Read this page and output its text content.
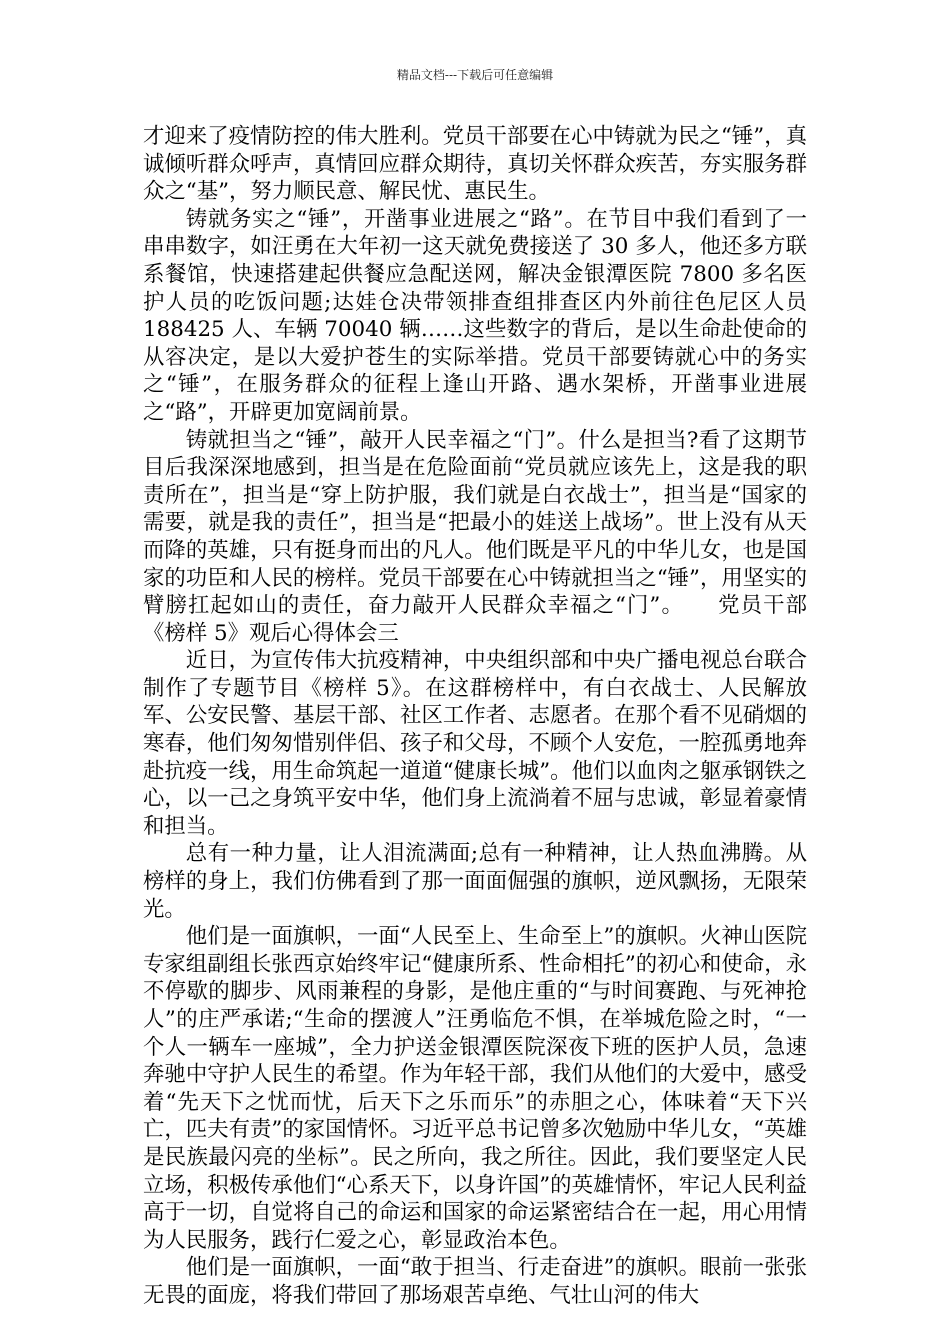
精品文档---下载后可任意编辑

才迎来了疫情防控的伟大胜利。党员干部要在心中铸就为民之“锤”，真诚倾听群众呼声，真情回应群众期待，真切关怀群众疾苦，夯实服务群众之“基”，努力顺民意、解民忧、惠民生。

铸就务实之“锤”，开凿事业进展之“路”。在节目中我们看到了一串串数字，如汪勇在大年初一这天就免费接送了 30 多人，他还多方联系餐馆，快速搭建起供餐应急配送网，解决金银潭医院 7800 多名医护人员的吃饭问题;达娃仓决带领排查组排查区内外前往色尼区人员 188425 人、车辆 70040 辆……这些数字的背后，是以生命赴使命的从容决定，是以大爱护苍生的实际举措。党员干部要铸就心中的务实之“锤”，在服务群众的征程上逢山开路、遇水架桥，开凿事业进展之“路”，开辟更加宽阔前景。

铸就担当之“锤”，敲开人民幸福之“门”。什么是担当?看了这期节目后我深深地感到，担当是在危险面前“党员就应该先上，这是我的职责所在”，担当是“穿上防护服，我们就是白衣战士”，担当是“国家的需要，就是我的责任”，担当是“把最小的娃送上战场”。世上没有从天而降的英雄，只有挺身而出的凡人。他们既是平凡的中华儿女，也是国家的功臣和人民的榜样。党员干部要在心中铸就担当之“锤”，用坚实的臂膀扛起如山的责任，奋力敲开人民群众幸福之“门”。　　党员干部《榜样 5》观后心得体会三

近日，为宣传伟大抗疫精神，中央组织部和中央广播电视总台联合制作了专题节目《榜样 5》。在这群榜样中，有白衣战士、人民解放军、公安民警、基层干部、社区工作者、志愿者。在那个看不见硝烟的寒春，他们匆匆惜别伴侣、孩子和父母，不顾个人安危，一腔孤勇地奔赴抗疫一线，用生命筑起一道道“健康长城”。他们以血肉之躯承钢铁之心，以一己之身筑平安中华，他们身上流淌着不屈与忠诚，彰显着豪情和担当。

总有一种力量，让人泪流满面;总有一种精神，让人热血沸腾。从榜样的身上，我们仿佛看到了那一面面倔强的旗帜，逆风飘扬，无限荣光。

他们是一面旗帜，一面“人民至上、生命至上”的旗帜。火神山医院专家组副组长张西京始终牢记“健康所系、性命相托”的初心和使命，永不停歇的脚步、风雨兼程的身影，是他庄重的“与时间赛跑、与死神抢人”的庄严承诺;“生命的摆渡人”汪勇临危不惧，在举城危险之时，“一个人一辆车一座城”，全力护送金银潭医院深夜下班的医护人员，急速奔驰中守护人民生的希望。作为年轻干部，我们从他们的大爱中，感受着“先天下之忧而忧，后天下之乐而乐”的赤胆之心，体味着“天下兴亡，匹夫有责”的家国情怀。习近平总书记曾多次勉励中华儿女，“英雄是民族最闪亮的坐标”。民之所向，我之所往。因此，我们要坚定人民立场，积极传承他们“心系天下，以身许国”的英雄情怀，牢记人民利益高于一切，自觉将自己的命运和国家的命运紧密结合在一起，用心用情为人民服务，践行仁爱之心，彰显政治本色。

他们是一面旗帜，一面“敢于担当、行走奋进”的旗帜。眼前一张张无畏的面庞，将我们带回了那场艰苦卓绝、气壮山河的伟大
